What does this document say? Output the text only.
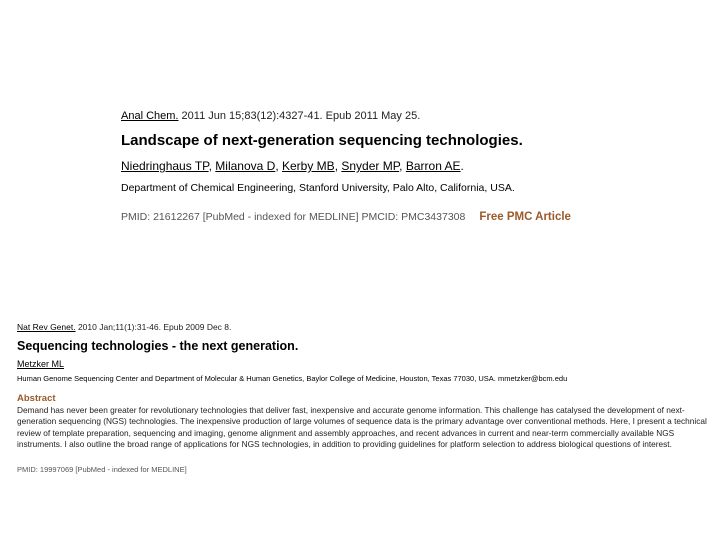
Anal Chem. 2011 Jun 15;83(12):4327-41. Epub 2011 May 25.
Landscape of next-generation sequencing technologies.
Niedringhaus TP, Milanova D, Kerby MB, Snyder MP, Barron AE.
Department of Chemical Engineering, Stanford University, Palo Alto, California, USA.
PMID: 21612267 [PubMed - indexed for MEDLINE] PMCID: PMC3437308 Free PMC Article
Nat Rev Genet. 2010 Jan;11(1):31-46. Epub 2009 Dec 8.
Sequencing technologies - the next generation.
Metzker ML
Human Genome Sequencing Center and Department of Molecular & Human Genetics, Baylor College of Medicine, Houston, Texas 77030, USA. mmetzker@bcm.edu
Abstract
Demand has never been greater for revolutionary technologies that deliver fast, inexpensive and accurate genome information. This challenge has catalysed the development of next-generation sequencing (NGS) technologies. The inexpensive production of large volumes of sequence data is the primary advantage over conventional methods. Here, I present a technical review of template preparation, sequencing and imaging, genome alignment and assembly approaches, and recent advances in current and near-term commercially available NGS instruments. I also outline the broad range of applications for NGS technologies, in addition to providing guidelines for platform selection to address biological questions of interest.
PMID: 19997069 [PubMed - indexed for MEDLINE]
